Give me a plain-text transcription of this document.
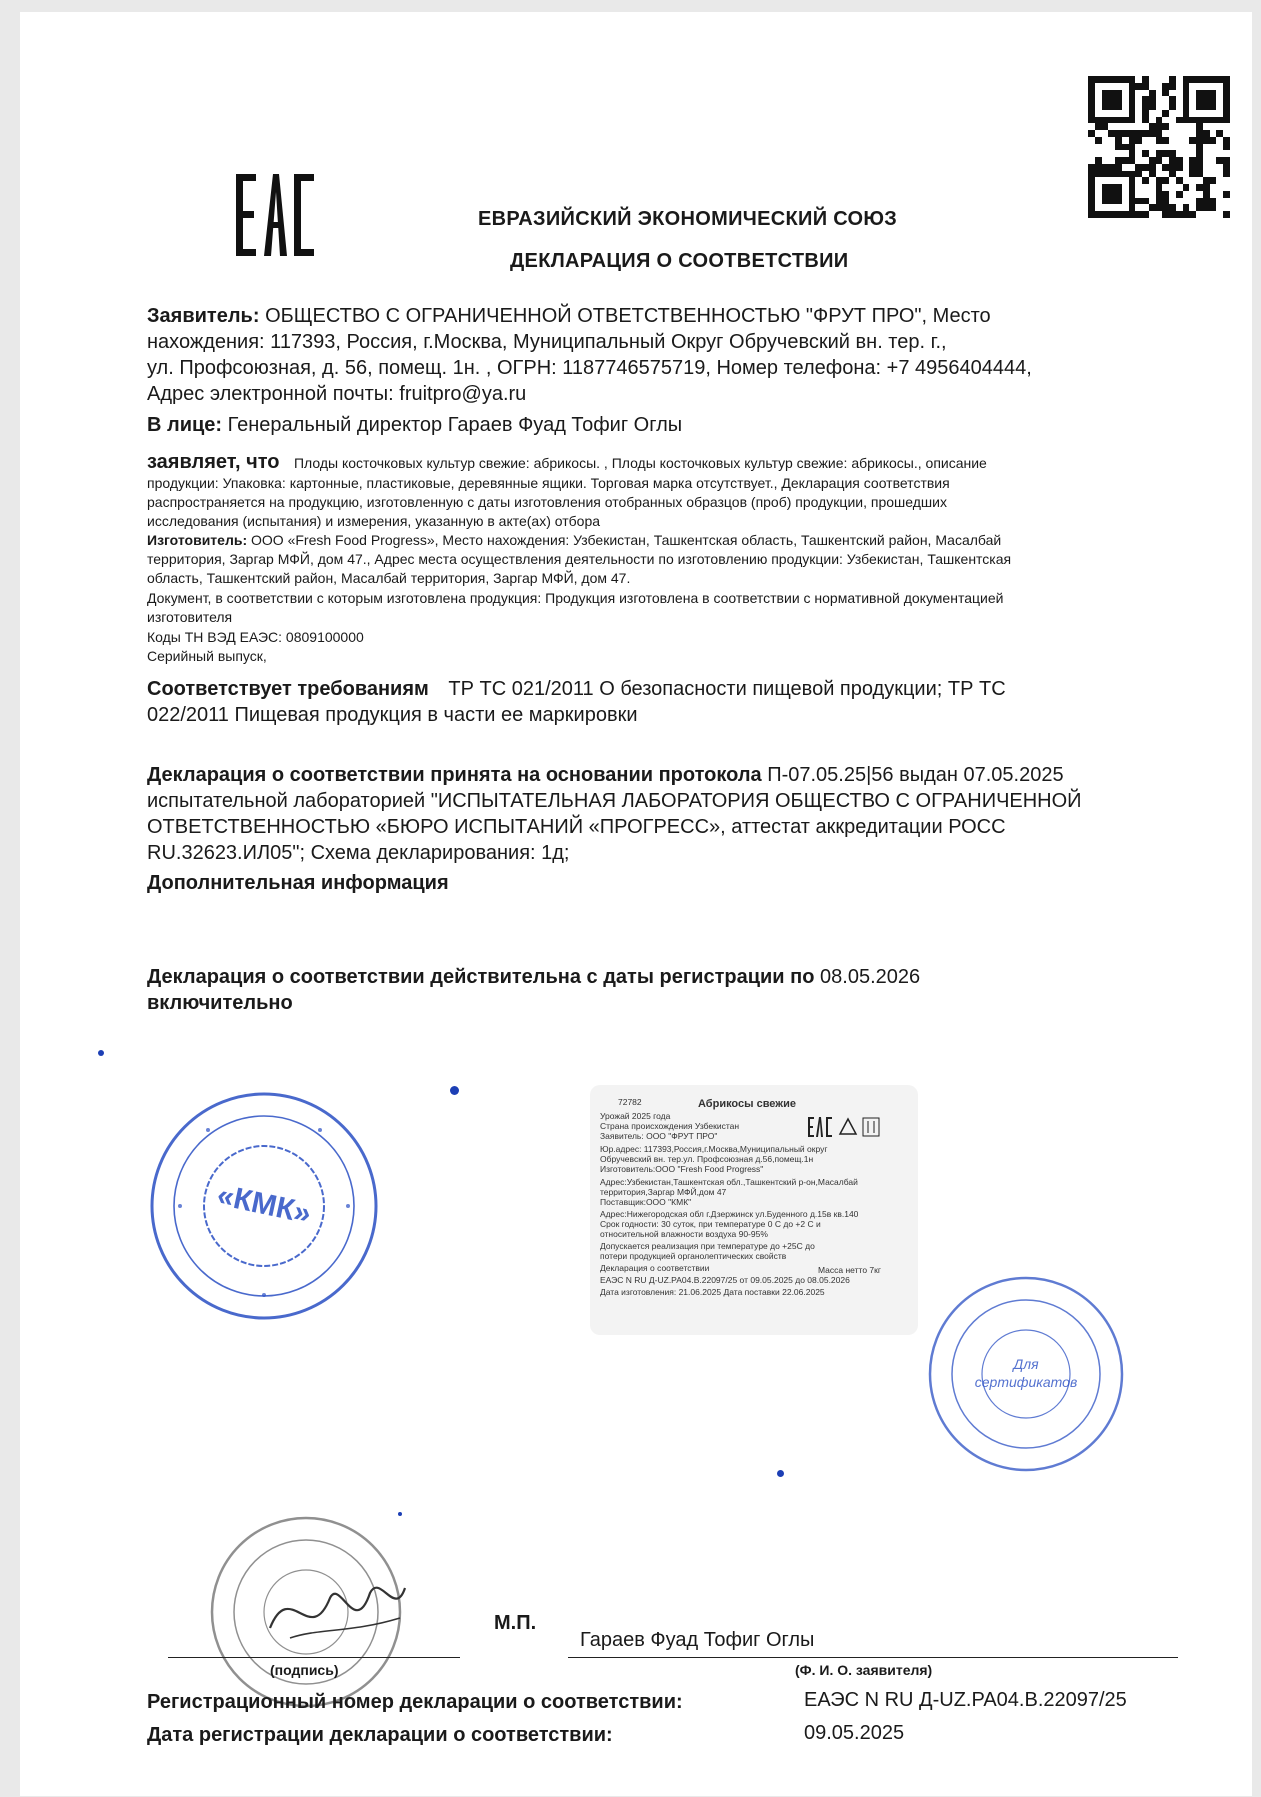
ЕВРАЗИЙСКИЙ ЭКОНОМИЧЕСКИЙ СОЮЗ
ДЕКЛАРАЦИЯ О СООТВЕТСТВИИ
Заявитель: ОБЩЕСТВО С ОГРАНИЧЕННОЙ ОТВЕТСТВЕННОСТЬЮ "ФРУТ ПРО", Место
нахождения: 117393, Россия, г.Москва, Муниципальный Округ Обручевский вн. тер. г.,
ул. Профсоюзная, д. 56, помещ. 1н. , ОГРН: 1187746575719, Номер телефона: +7 4956404444,
Адрес электронной почты: fruitpro@ya.ru
В лице: Генеральный директор Гараев Фуад Тофиг Оглы
заявляет, что Плоды косточковых культур свежие: абрикосы. , Плоды косточковых культур свежие: абрикосы., описание
продукции: Упаковка: картонные, пластиковые, деревянные ящики. Торговая марка отсутствует., Декларация соответствия
распространяется на продукцию, изготовленную с даты изготовления отобранных образцов (проб) продукции, прошедших
исследования (испытания) и измерения, указанную в акте(ах) отбора
Изготовитель: ООО «Fresh Food Progress», Место нахождения: Узбекистан, Ташкентская область, Ташкентский район, Масалбай
территория, Заргар МФЙ, дом 47., Адрес места осуществления деятельности по изготовлению продукции: Узбекистан, Ташкентская
область, Ташкентский район, Масалбай территория, Заргар МФЙ, дом 47.
Документ, в соответствии с которым изготовлена продукция: Продукция изготовлена в соответствии с нормативной документацией
изготовителя
Коды ТН ВЭД ЕАЭС: 0809100000
Серийный выпуск,
Соответствует требованиям ТР ТС 021/2011 О безопасности пищевой продукции; ТР ТС
022/2011 Пищевая продукция в части ее маркировки
Декларация о соответствии принята на основании протокола П-07.05.25|56 выдан 07.05.2025
испытательной лабораторией "ИСПЫТАТЕЛЬНАЯ ЛАБОРАТОРИЯ ОБЩЕСТВО С ОГРАНИЧЕННОЙ
ОТВЕТСТВЕННОСТЬЮ «БЮРО ИСПЫТАНИЙ «ПРОГРЕСС», аттестат аккредитации РОСС
RU.32623.ИЛ05"; Схема декларирования: 1д;
Дополнительная информация
Декларация о соответствии действительна с даты регистрации по 08.05.2026
включительно
«КМК»
72782	Абрикосы свежие
Урожай 2025 года
Страна происхождения Узбекистан
Заявитель: ООО "ФРУТ ПРО"
Юр.адрес: 117393,Россия,г.Москва,Муниципальный округ
Обручевский вн. тер.ул. Профсоюзная д.56,помещ.1н
Изготовитель:ООО "Fresh Food Progress"
Адрес:Узбекистан,Ташкентская обл.,Ташкентский р-он,Масалбай
территория,Заргар МФЙ,дом 47
Поставщик:ООО "КМК"
Адрес:Нижегородская обл г.Дзержинск ул.Буденного д.15в кв.140
Срок годности: 30 суток, при температуре 0 С до +2 С и
относительной влажности воздуха 90-95%
Допускается реализация при температуре до +25С до
потери продукцией органолептических свойств
Декларация о соответствии	Масса нетто 7кг
ЕАЭС N RU Д-UZ.PA04.B.22097/25 от 09.05.2025 до 08.05.2026
Дата изготовления: 21.06.2025 Дата поставки 22.06.2025
Для
сертификатов
(подпись)
М.П.
Гараев Фуад Тофиг Оглы
(Ф. И. О. заявителя)
Регистрационный номер декларации о соответствии:	ЕАЭС N RU Д-UZ.PA04.B.22097/25
Дата регистрации декларации о соответствии:	09.05.2025
